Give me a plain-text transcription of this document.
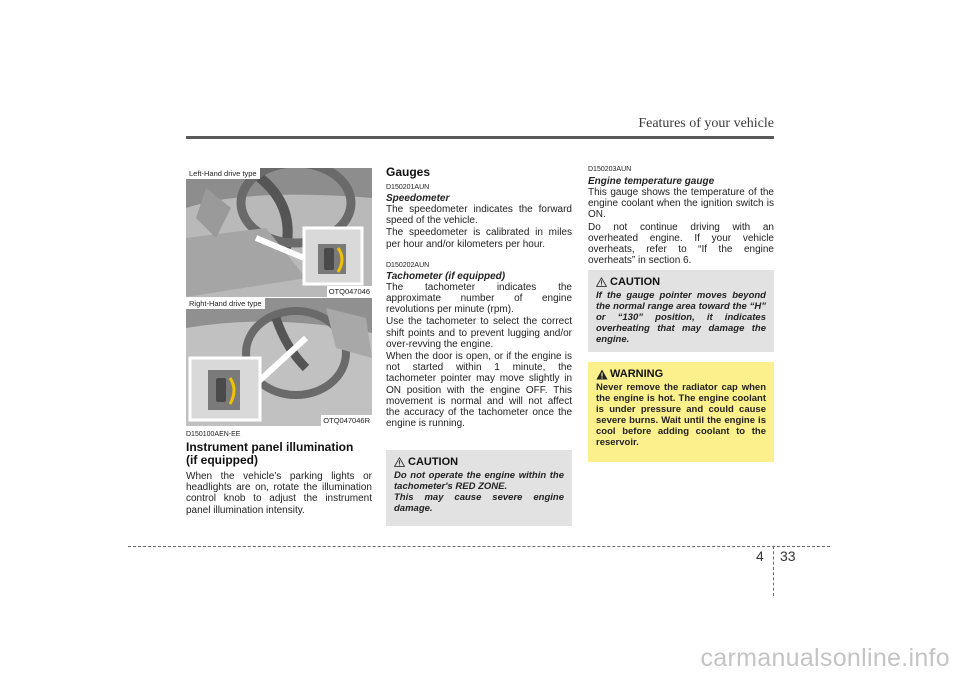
Features of your vehicle
Left-Hand drive type
OTQ047046
Right-Hand drive type
OTQ047046R
D150100AEN-EE
Instrument panel illumination
(if equipped)
When the vehicle’s parking lights or headlights are on, rotate the illumination control knob to adjust the instrument panel illumination intensity.
Gauges
D150201AUN
Speedometer

The speedometer indicates the forward speed of the vehicle.

The speedometer is calibrated in miles per hour and/or kilometers per hour.

D150202AUN
Tachometer (if equipped)

The tachometer indicates the approximate number of engine revolutions per minute (rpm).

Use the tachometer to select the correct shift points and to prevent lugging and/or over-revving the engine.

When the door is open, or if the engine is not started within 1 minute, the tachometer pointer may move slightly in ON position with the engine OFF. This movement is normal and will not affect the accuracy of the tachometer once the engine is running.

CAUTION

Do not operate the engine within the tachometer's RED ZONE.

This may cause severe engine damage.

D150203AUN
Engine temperature gauge

This gauge shows the temperature of the engine coolant when the ignition switch is ON.

Do not continue driving with an overheated engine. If your vehicle overheats, refer to “If the engine overheats” in section 6.

CAUTION
If the gauge pointer moves beyond the normal range area toward the “H” or “130” position, it indicates overheating that may damage the engine.
WARNING
Never remove the radiator cap when the engine is hot. The engine coolant is under pressure and could cause severe burns. Wait until the engine is cool before adding coolant to the reservoir.
4 33
carmanualsonline.info
